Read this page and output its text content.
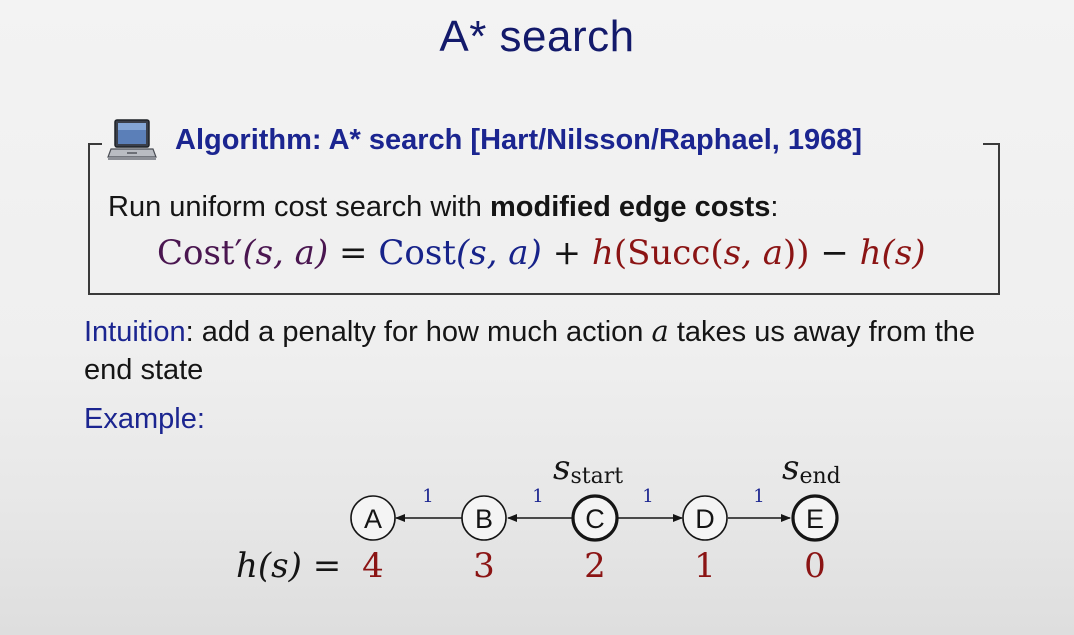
A* search
Algorithm: A* search [Hart/Nilsson/Raphael, 1968]
Run uniform cost search with modified edge costs:
Cost′(s, a) = Cost(s, a) + h(Succ(s, a)) − h(s)
Intuition: add a penalty for how much action a takes us away from the end state
Example:
1	1	1	1
A	B	C	D	E
$s_{start}$	$s_{end}$
h(s) = 4	3	2	1	0
